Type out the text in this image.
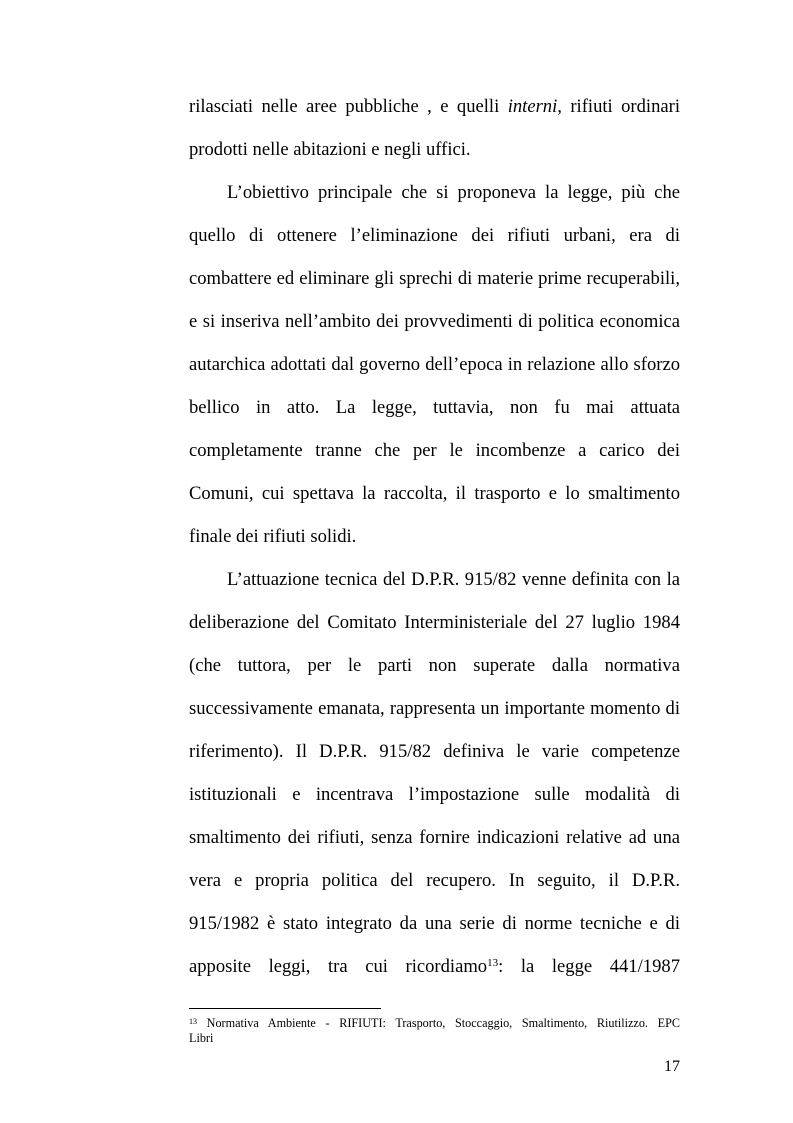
rilasciati nelle aree pubbliche , e quelli interni, rifiuti ordinari
prodotti nelle abitazioni e negli uffici.
L’obiettivo principale che si proponeva la legge, più che
quello di ottenere l’eliminazione dei rifiuti urbani, era di
combattere ed eliminare gli sprechi di materie prime recuperabili,
e si inseriva nell’ambito dei provvedimenti di politica economica
autarchica adottati dal governo dell’epoca in relazione allo sforzo
bellico in atto. La legge, tuttavia, non fu mai attuata
completamente tranne che per le incombenze a carico dei
Comuni, cui spettava la raccolta, il trasporto e lo smaltimento
finale dei rifiuti solidi.
L’attuazione tecnica del D.P.R. 915/82 venne definita con la
deliberazione del Comitato Interministeriale del 27 luglio 1984
(che tuttora, per le parti non superate dalla normativa
successivamente emanata, rappresenta un importante momento di
riferimento). Il D.P.R. 915/82 definiva le varie competenze
istituzionali e incentrava l’impostazione sulle modalità di
smaltimento dei rifiuti, senza fornire indicazioni relative ad una
vera e propria politica del recupero. In seguito, il D.P.R.
915/1982 è stato integrato da una serie di norme tecniche e di
apposite leggi, tra cui ricordiamo$^{13}$: la legge 441/1987
$^{13}$ Normativa Ambiente - RIFIUTI: Trasporto, Stoccaggio, Smaltimento, Riutilizzo. EPC
Libri
17
